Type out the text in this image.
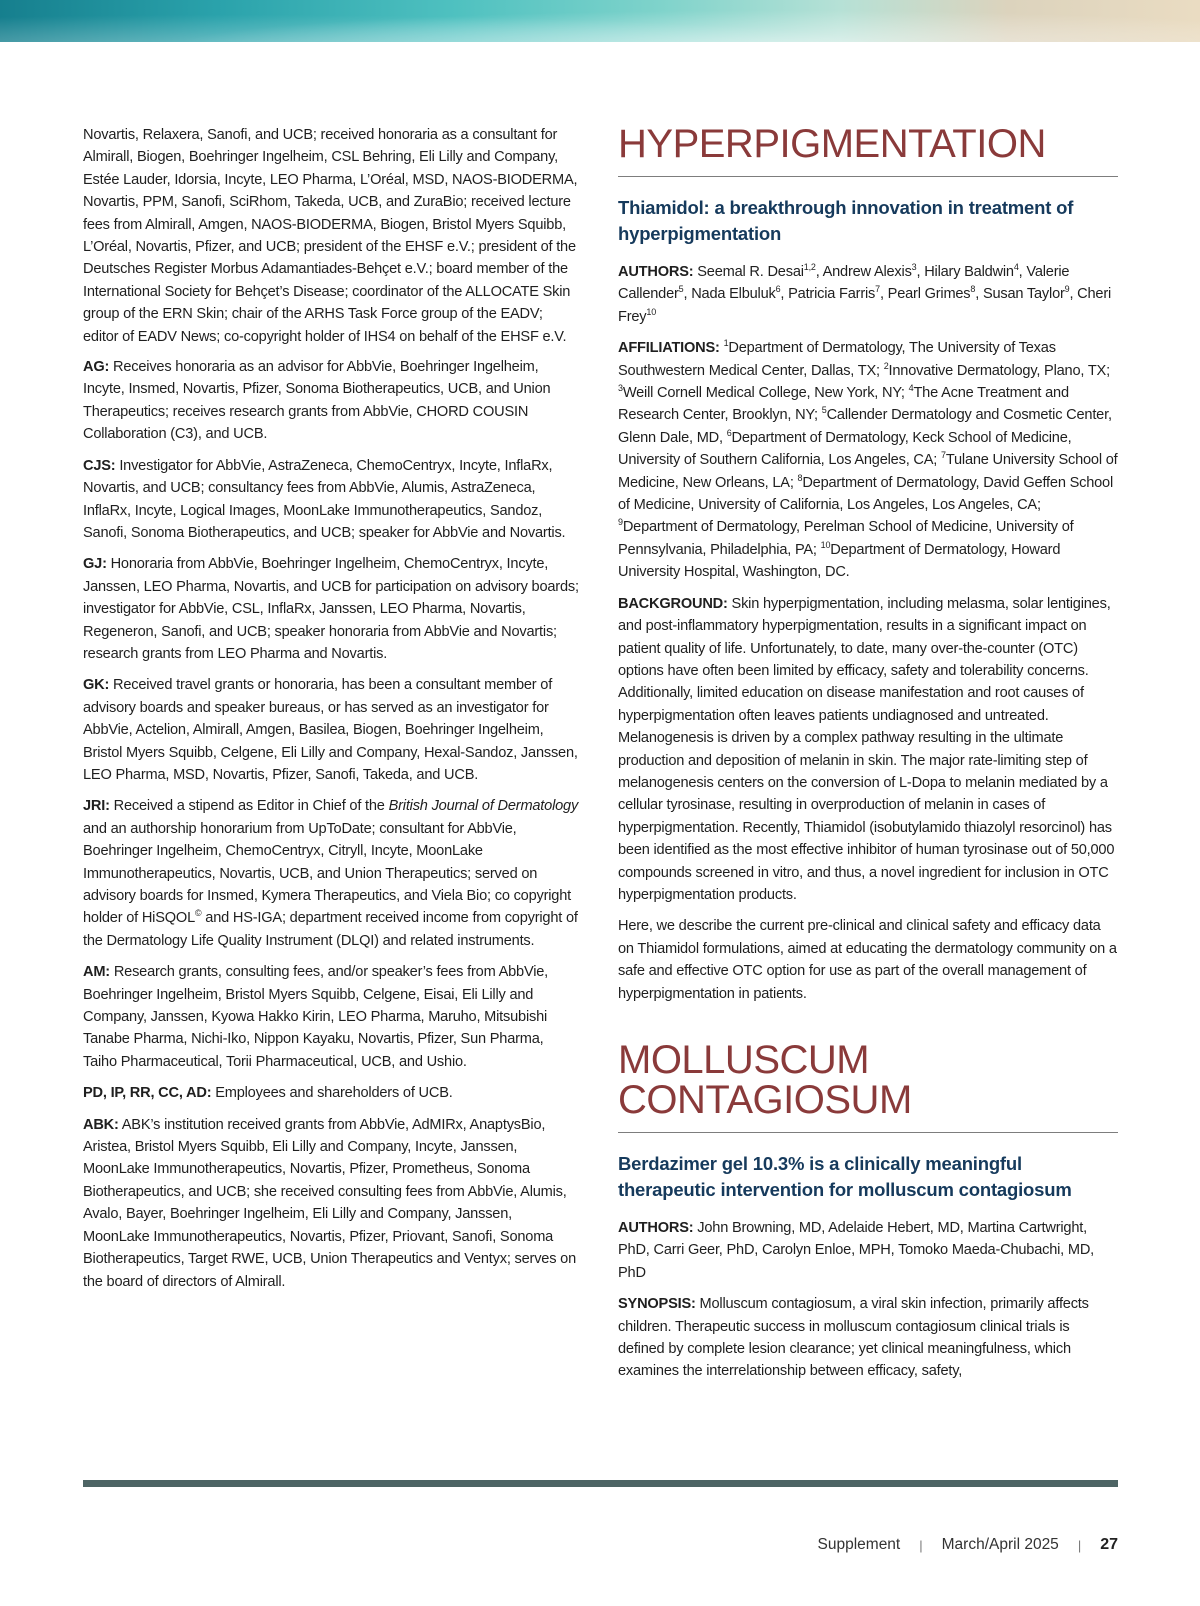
Novartis, Relaxera, Sanofi, and UCB; received honoraria as a consultant for Almirall, Biogen, Boehringer Ingelheim, CSL Behring, Eli Lilly and Company, Estée Lauder, Idorsia, Incyte, LEO Pharma, L’Oréal, MSD, NAOS-BIODERMA, Novartis, PPM, Sanofi, SciRhom, Takeda, UCB, and ZuraBio; received lecture fees from Almirall, Amgen, NAOS-BIODERMA, Biogen, Bristol Myers Squibb, L’Oréal, Novartis, Pfizer, and UCB; president of the EHSF e.V.; president of the Deutsches Register Morbus Adamantiades-Behçet e.V.; board member of the International Society for Behçet’s Disease; coordinator of the ALLOCATE Skin group of the ERN Skin; chair of the ARHS Task Force group of the EADV; editor of EADV News; co-copyright holder of IHS4 on behalf of the EHSF e.V.

AG: Receives honoraria as an advisor for AbbVie, Boehringer Ingelheim, Incyte, Insmed, Novartis, Pfizer, Sonoma Biotherapeutics, UCB, and Union Therapeutics; receives research grants from AbbVie, CHORD COUSIN Collaboration (C3), and UCB.

CJS: Investigator for AbbVie, AstraZeneca, ChemoCentryx, Incyte, InflaRx, Novartis, and UCB; consultancy fees from AbbVie, Alumis, AstraZeneca, InflaRx, Incyte, Logical Images, MoonLake Immunotherapeutics, Sandoz, Sanofi, Sonoma Biotherapeutics, and UCB; speaker for AbbVie and Novartis.

GJ: Honoraria from AbbVie, Boehringer Ingelheim, ChemoCentryx, Incyte, Janssen, LEO Pharma, Novartis, and UCB for participation on advisory boards; investigator for AbbVie, CSL, InflaRx, Janssen, LEO Pharma, Novartis, Regeneron, Sanofi, and UCB; speaker honoraria from AbbVie and Novartis; research grants from LEO Pharma and Novartis.

GK: Received travel grants or honoraria, has been a consultant member of advisory boards and speaker bureaus, or has served as an investigator for AbbVie, Actelion, Almirall, Amgen, Basilea, Biogen, Boehringer Ingelheim, Bristol Myers Squibb, Celgene, Eli Lilly and Company, Hexal-Sandoz, Janssen, LEO Pharma, MSD, Novartis, Pfizer, Sanofi, Takeda, and UCB.

JRI: Received a stipend as Editor in Chief of the British Journal of Dermatology and an authorship honorarium from UpToDate; consultant for AbbVie, Boehringer Ingelheim, ChemoCentryx, Citryll, Incyte, MoonLake Immunotherapeutics, Novartis, UCB, and Union Therapeutics; served on advisory boards for Insmed, Kymera Therapeutics, and Viela Bio; co copyright holder of HiSQOL© and HS-IGA; department received income from copyright of the Dermatology Life Quality Instrument (DLQI) and related instruments.

AM: Research grants, consulting fees, and/or speaker’s fees from AbbVie, Boehringer Ingelheim, Bristol Myers Squibb, Celgene, Eisai, Eli Lilly and Company, Janssen, Kyowa Hakko Kirin, LEO Pharma, Maruho, Mitsubishi Tanabe Pharma, Nichi-Iko, Nippon Kayaku, Novartis, Pfizer, Sun Pharma, Taiho Pharmaceutical, Torii Pharmaceutical, UCB, and Ushio.

PD, IP, RR, CC, AD: Employees and shareholders of UCB.

ABK: ABK’s institution received grants from AbbVie, AdMIRx, AnaptysBio, Aristea, Bristol Myers Squibb, Eli Lilly and Company, Incyte, Janssen, MoonLake Immunotherapeutics, Novartis, Pfizer, Prometheus, Sonoma Biotherapeutics, and UCB; she received consulting fees from AbbVie, Alumis, Avalo, Bayer, Boehringer Ingelheim, Eli Lilly and Company, Janssen, MoonLake Immunotherapeutics, Novartis, Pfizer, Priovant, Sanofi, Sonoma Biotherapeutics, Target RWE, UCB, Union Therapeutics and Ventyx; serves on the board of directors of Almirall.

HYPERPIGMENTATION
Thiamidol: a breakthrough innovation in treatment of hyperpigmentation

AUTHORS: Seemal R. Desai$^{1,2}$, Andrew Alexis$^3$, Hilary Baldwin$^4$, Valerie Callender$^5$, Nada Elbuluk$^6$, Patricia Farris$^7$, Pearl Grimes$^8$, Susan Taylor$^9$, Cheri Frey$^{10}$

AFFILIATIONS: $^1$Department of Dermatology, The University of Texas Southwestern Medical Center, Dallas, TX; $^2$Innovative Dermatology, Plano, TX; $^3$Weill Cornell Medical College, New York, NY; $^4$The Acne Treatment and Research Center, Brooklyn, NY; $^5$Callender Dermatology and Cosmetic Center, Glenn Dale, MD, $^6$Department of Dermatology, Keck School of Medicine, University of Southern California, Los Angeles, CA; $^7$Tulane University School of Medicine, New Orleans, LA; $^8$Department of Dermatology, David Geffen School of Medicine, University of California, Los Angeles, Los Angeles, CA; $^9$Department of Dermatology, Perelman School of Medicine, University of Pennsylvania, Philadelphia, PA; $^{10}$Department of Dermatology, Howard University Hospital, Washington, DC.

BACKGROUND: Skin hyperpigmentation, including melasma, solar lentigines, and post-inflammatory hyperpigmentation, results in a significant impact on patient quality of life. Unfortunately, to date, many over-the-counter (OTC) options have often been limited by efficacy, safety and tolerability concerns. Additionally, limited education on disease manifestation and root causes of hyperpigmentation often leaves patients undiagnosed and untreated. Melanogenesis is driven by a complex pathway resulting in the ultimate production and deposition of melanin in skin. The major rate-limiting step of melanogenesis centers on the conversion of L-Dopa to melanin mediated by a cellular tyrosinase, resulting in overproduction of melanin in cases of hyperpigmentation. Recently, Thiamidol (isobutylamido thiazolyl resorcinol) has been identified as the most effective inhibitor of human tyrosinase out of 50,000 compounds screened in vitro, and thus, a novel ingredient for inclusion in OTC hyperpigmentation products.

Here, we describe the current pre-clinical and clinical safety and efficacy data on Thiamidol formulations, aimed at educating the dermatology community on a safe and effective OTC option for use as part of the overall management of hyperpigmentation in patients.

MOLLUSCUM
CONTAGIOSUM
Berdazimer gel 10.3% is a clinically meaningful therapeutic intervention for molluscum contagiosum

AUTHORS: John Browning, MD, Adelaide Hebert, MD, Martina Cartwright, PhD, Carri Geer, PhD, Carolyn Enloe, MPH, Tomoko Maeda-Chubachi, MD, PhD

SYNOPSIS: Molluscum contagiosum, a viral skin infection, primarily affects children. Therapeutic success in molluscum contagiosum clinical trials is defined by complete lesion clearance; yet clinical meaningfulness, which examines the interrelationship between efficacy, safety,

Supplement | March/April 2025 | 27
